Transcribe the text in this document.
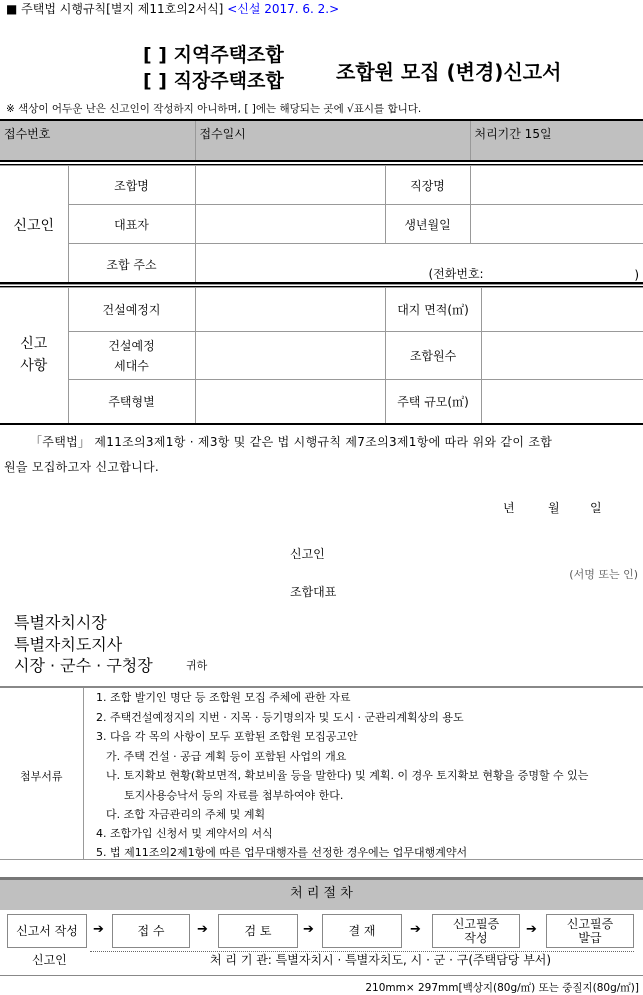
■ 주택법 시행규칙[별지 제11호의2서식] <신설 2017. 6. 2.>
[ ] 지역주택조합
[ ] 직장주택조합	조합원 모집 (변경)신고서
※ 색상이 어두운 난은 신고인이 작성하지 아니하며, [ ]에는 해당되는 곳에 √표시를 합니다.
접수번호	접수일시	처리기간 15일
신고인	조합명		직장명	
	대표자		생년월일	
	조합 주소	(전화번호: )		
신고
사항	건설예정지		대지 면적(㎡)	
	건설예정
세대수		조합원수	
	주택형별		주택 규모(㎡)	
「주택법」 제11조의3제1항 · 제3항 및 같은 법 시행규칙 제7조의3제1항에 따라 위와 같이 조합
원을 모집하고자 신고합니다.
년	월	일
신고인
(서명 또는 인)
조합대표
특별자치시장
특별자치도지사
시장 · 군수 · 구청장	귀하
첨부서류
1. 조합 발기인 명단 등 조합원 모집 주체에 관한 자료
2. 주택건설예정지의 지번 · 지목 · 등기명의자 및 도시 · 군관리계획상의 용도
3. 다음 각 목의 사항이 모두 포함된 조합원 모집공고안
가. 주택 건설 · 공급 계획 등이 포함된 사업의 개요
나. 토지확보 현황(확보면적, 확보비율 등을 말한다) 및 계획. 이 경우 토지확보 현황을 증명할 수 있는
토지사용승낙서 등의 자료를 첨부하여야 한다.
다. 조합 자금관리의 주체 및 계획
4. 조합가입 신청서 및 계약서의 서식
5. 법 제11조의2제1항에 따른 업무대행자를 선정한 경우에는 업무대행계약서
처 리 절 차
신고서 작성	➔	접 수	➔	검 토	➔	결 재	➔	신고필증
작성
➔	신고필증
발급
신고인	처 리 기 관: 특별자치시 · 특별자치도, 시 · 군 · 구(주택담당 부서)
210mm× 297mm[백상지(80g/㎡) 또는 중질지(80g/㎡)]
